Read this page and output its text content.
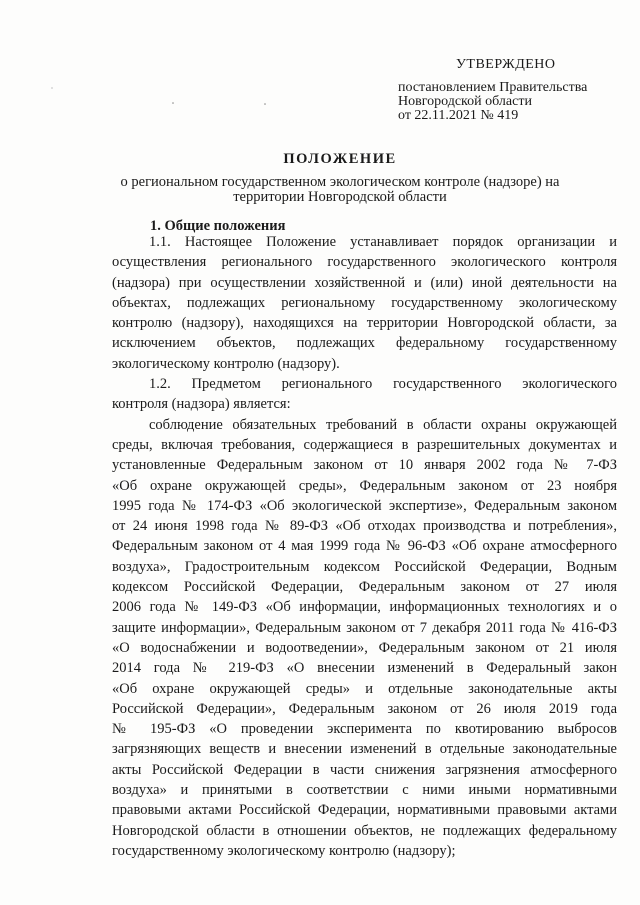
УТВЕРЖДЕНО
постановлением Правительства
Новгородской области
от 22.11.2021 № 419
ПОЛОЖЕНИЕ
о региональном государственном экологическом контроле (надзоре) на
территории Новгородской области
1. Общие положения
1.1. Настоящее Положение устанавливает порядок организации и
осуществления регионального государственного экологического контроля
(надзора) при осуществлении хозяйственной и (или) иной деятельности на
объектах, подлежащих региональному государственному экологическому
контролю (надзору), находящихся на территории Новгородской области, за
исключением объектов, подлежащих федеральному государственному
экологическому контролю (надзору).
1.2. Предметом регионального государственного экологического
контроля (надзора) является:
соблюдение обязательных требований в области охраны окружающей
среды, включая требования, содержащиеся в разрешительных документах и
установленные Федеральным законом от 10 января 2002 года № 7-ФЗ
«Об охране окружающей среды», Федеральным законом от 23 ноября
1995 года № 174-ФЗ «Об экологической экспертизе», Федеральным законом
от 24 июня 1998 года № 89-ФЗ «Об отходах производства и потребления»,
Федеральным законом от 4 мая 1999 года № 96-ФЗ «Об охране атмосферного
воздуха», Градостроительным кодексом Российской Федерации, Водным
кодексом Российской Федерации, Федеральным законом от 27 июля
2006 года № 149-ФЗ «Об информации, информационных технологиях и о
защите информации», Федеральным законом от 7 декабря 2011 года № 416-ФЗ
«О водоснабжении и водоотведении», Федеральным законом от 21 июля
2014 года № 219-ФЗ «О внесении изменений в Федеральный закон
«Об охране окружающей среды» и отдельные законодательные акты
Российской Федерации», Федеральным законом от 26 июля 2019 года
№ 195-ФЗ «О проведении эксперимента по квотированию выбросов
загрязняющих веществ и внесении изменений в отдельные законодательные
акты Российской Федерации в части снижения загрязнения атмосферного
воздуха» и принятыми в соответствии с ними иными нормативными
правовыми актами Российской Федерации, нормативными правовыми актами
Новгородской области в отношении объектов, не подлежащих федеральному
государственному экологическому контролю (надзору);
